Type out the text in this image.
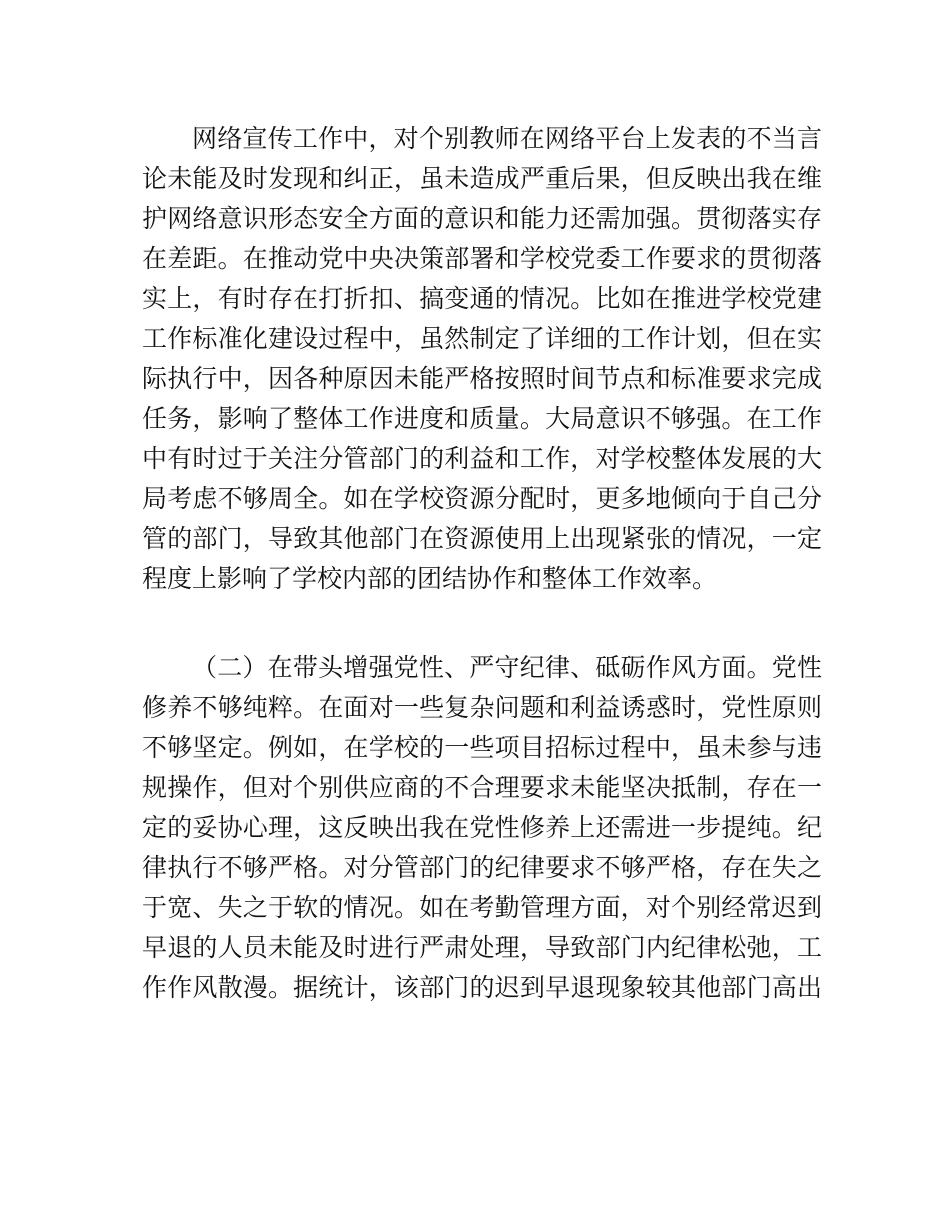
网络宣传工作中，对个别教师在网络平台上发表的不当言
论未能及时发现和纠正，虽未造成严重后果，但反映出我在维
护网络意识形态安全方面的意识和能力还需加强。贯彻落实存
在差距。在推动党中央决策部署和学校党委工作要求的贯彻落
实上，有时存在打折扣、搞变通的情况。比如在推进学校党建
工作标准化建设过程中，虽然制定了详细的工作计划，但在实
际执行中，因各种原因未能严格按照时间节点和标准要求完成
任务，影响了整体工作进度和质量。大局意识不够强。在工作
中有时过于关注分管部门的利益和工作，对学校整体发展的大
局考虑不够周全。如在学校资源分配时，更多地倾向于自己分
管的部门，导致其他部门在资源使用上出现紧张的情况，一定
程度上影响了学校内部的团结协作和整体工作效率。
（二）在带头增强党性、严守纪律、砥砺作风方面。党性
修养不够纯粹。在面对一些复杂问题和利益诱惑时，党性原则
不够坚定。例如，在学校的一些项目招标过程中，虽未参与违
规操作，但对个别供应商的不合理要求未能坚决抵制，存在一
定的妥协心理，这反映出我在党性修养上还需进一步提纯。纪
律执行不够严格。对分管部门的纪律要求不够严格，存在失之
于宽、失之于软的情况。如在考勤管理方面，对个别经常迟到
早退的人员未能及时进行严肃处理，导致部门内纪律松弛，工
作作风散漫。据统计，该部门的迟到早退现象较其他部门高出
